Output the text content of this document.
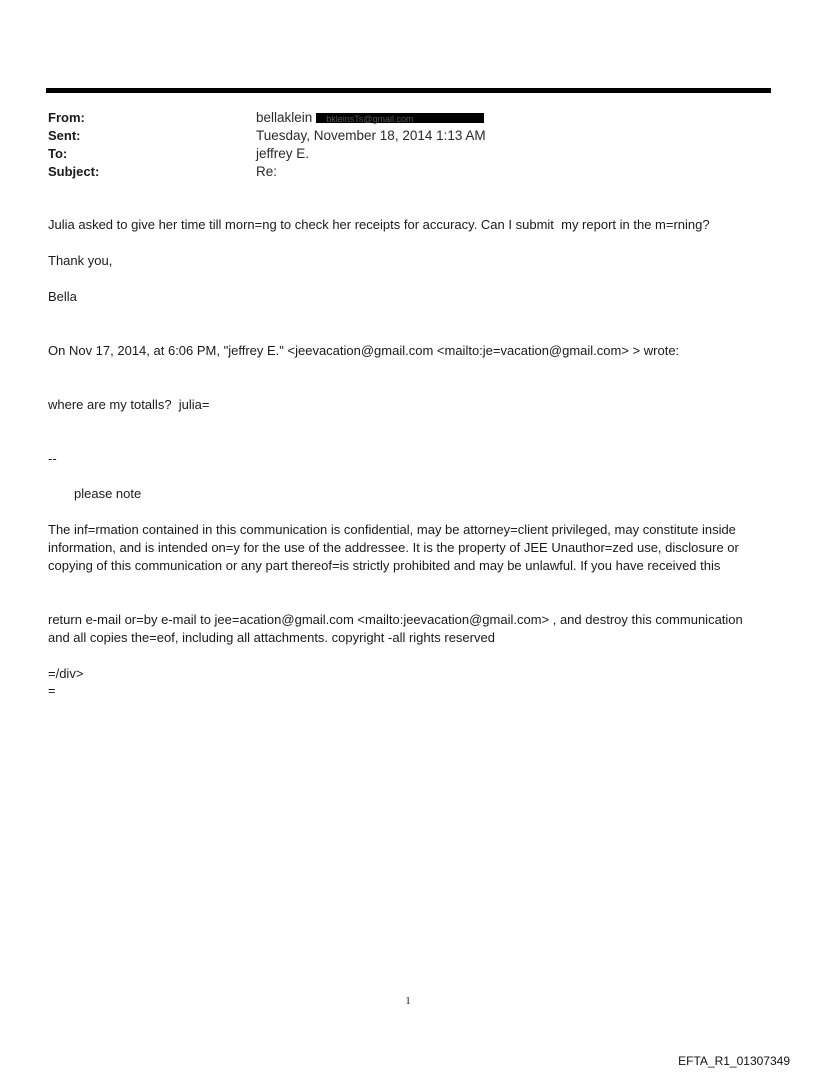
From:	bellaklein bkleinsTs@gmail.com
Sent:	Tuesday, November 18, 2014 1:13 AM
To:	jeffrey E.
Subject:	Re:
Julia asked to give her time till morn=ng to check her receipts for accuracy. Can I submit  my report in the m=rning?
Thank you,
Bella
On Nov 17, 2014, at 6:06 PM, "jeffrey E." <jeevacation@gmail.com <mailto:je=vacation@gmail.com> > wrote:
where are my totalls?  julia=
--
please note
The inf=rmation contained in this communication is confidential, may be attorney=client privileged, may constitute inside information, and is intended on=y for the use of the addressee. It is the property of JEE Unauthor=zed use, disclosure or copying of this communication or any part thereof=is strictly prohibited and may be unlawful. If you have received this
return e-mail or=by e-mail to jee=acation@gmail.com <mailto:jeevacation@gmail.com> , and destroy this communication and all copies the=eof, including all attachments. copyright -all rights reserved
=/div>
=
1
EFTA_R1_01307349
